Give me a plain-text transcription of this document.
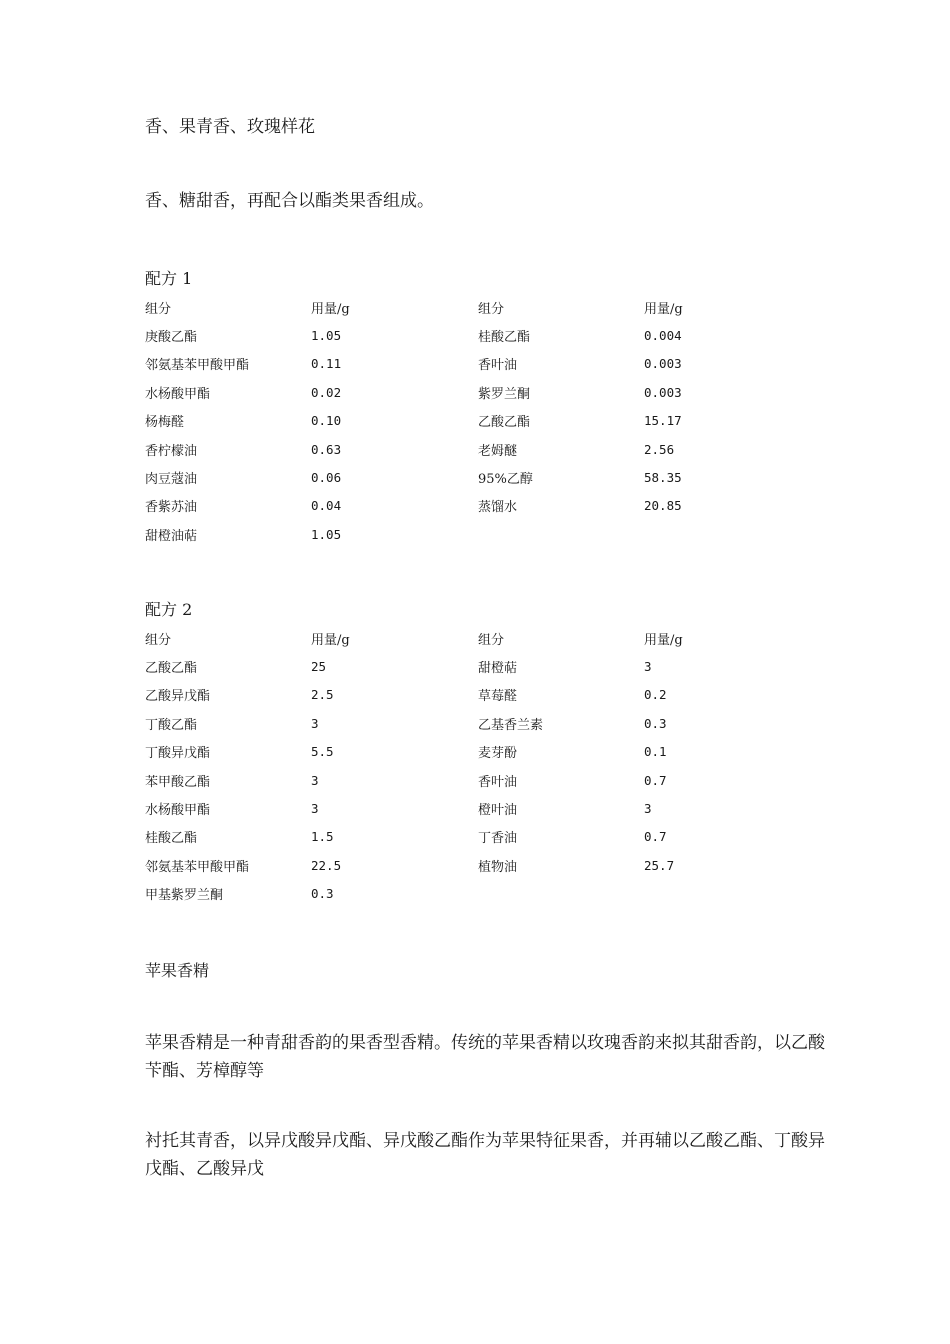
香、果青香、玫瑰样花

香、糖甜香，再配合以酯类果香组成。

配方 1

组分	用量/g	组分	用量/g
庚酸乙酯	1.05	桂酸乙酯	0.004
邻氨基苯甲酸甲酯	0.11	香叶油	0.003
水杨酸甲酯	0.02	紫罗兰酮	0.003
杨梅醛	0.10	乙酸乙酯	15.17
香柠檬油	0.63	老姆醚	2.56
肉豆蔻油	0.06	95%乙醇	58.35
香紫苏油	0.04	蒸馏水	20.85
甜橙油萜	1.05		

配方 2

组分	用量/g	组分	用量/g
乙酸乙酯	25	甜橙萜	3
乙酸异戊酯	2.5	草莓醛	0.2
丁酸乙酯	3	乙基香兰素	0.3
丁酸异戊酯	5.5	麦芽酚	0.1
苯甲酸乙酯	3	香叶油	0.7
水杨酸甲酯	3	橙叶油	3
桂酸乙酯	1.5	丁香油	0.7
邻氨基苯甲酸甲酯	22.5	植物油	25.7
甲基紫罗兰酮	0.3		

苹果香精

苹果香精是一种青甜香韵的果香型香精。传统的苹果香精以玫瑰香韵来拟其甜香韵，以乙酸苄酯、芳樟醇等

衬托其青香，以异戊酸异戊酯、异戊酸乙酯作为苹果特征果香，并再辅以乙酸乙酯、丁酸异戊酯、乙酸异戊
